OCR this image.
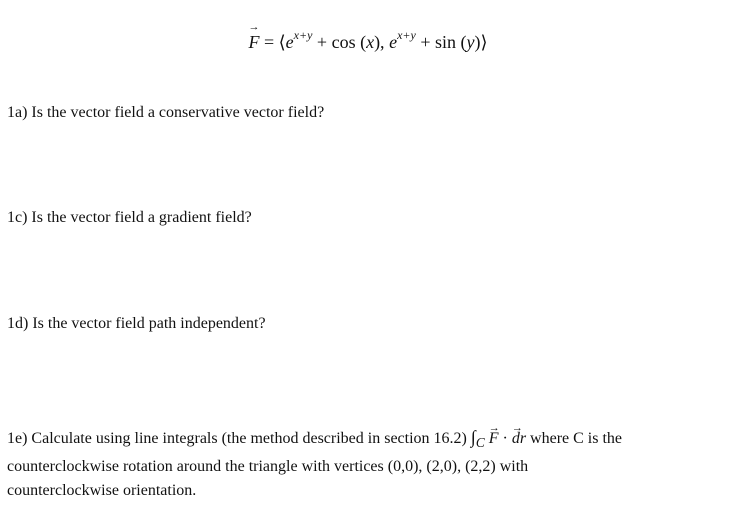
→ $F = ⟨e^{x+y} + \cos (x)$, $e^{x+y} + \sin$ (y)⟩
1a) Is the vector field a conservative vector field?
1c) Is the vector field a gradient field?
1d) Is the vector field path independent?
1e) Calculate using line integrals (the method described in section 16.2) $\int_C \to F$ · → dr where C is the
counterclockwise rotation around the triangle with vertices (0,0), (2,0), (2,2) with
counterclockwise orientation.
